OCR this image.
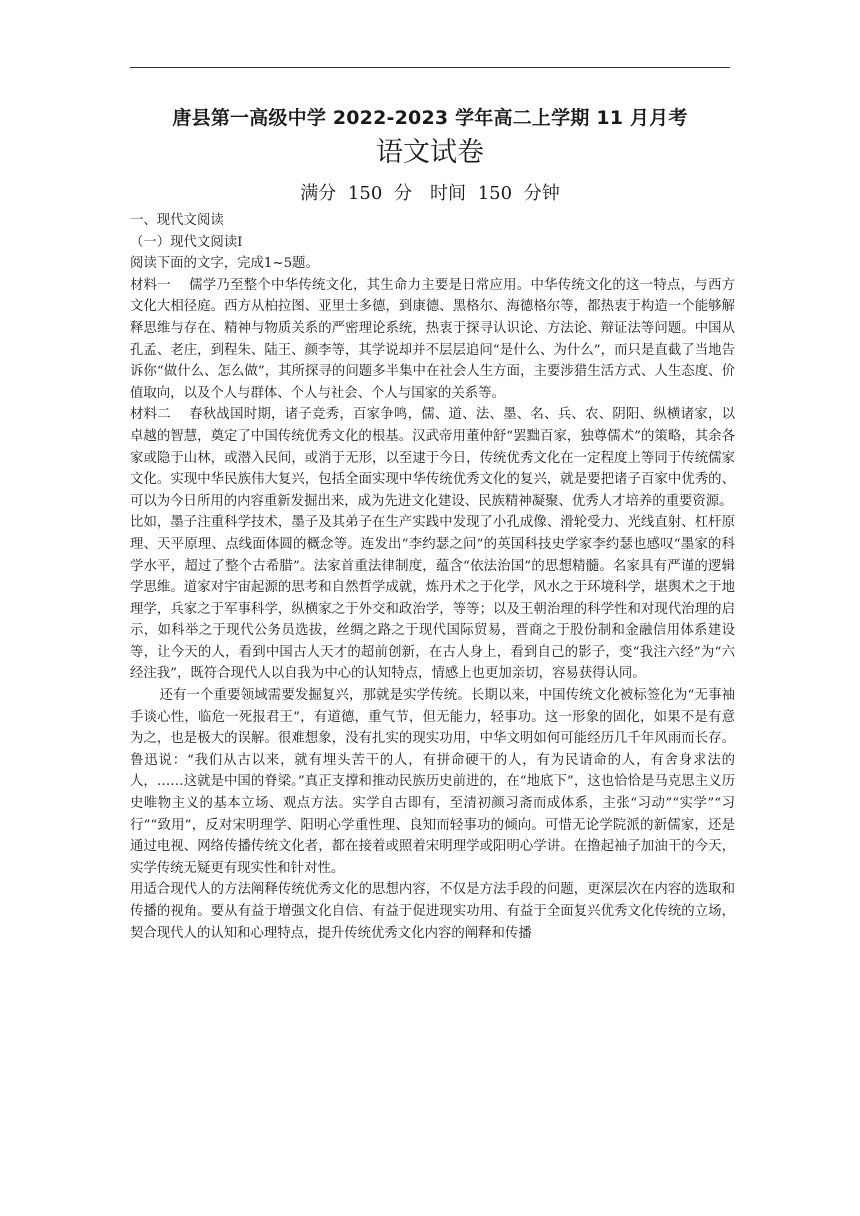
唐县第一高级中学 2022-2023 学年高二上学期 11 月月考
语文试卷
满分 150 分　时间 150 分钟

一、现代文阅读

（一）现代文阅读Ⅰ

阅读下面的文字，完成1~5题。

材料一　 儒学乃至整个中华传统文化，其生命力主要是日常应用。中华传统文化的这一特点，与西方文化大相径庭。西方从柏拉图、亚里士多德，到康德、黑格尔、海德格尔等，都热衷于构造一个能够解释思维与存在、精神与物质关系的严密理论系统，热衷于探寻认识论、方法论、辩证法等问题。中国从孔孟、老庄，到程朱、陆王、颜李等，其学说却并不层层追问“是什么、为什么”，而只是直截了当地告诉你“做什么、怎么做”，其所探寻的问题多半集中在社会人生方面，主要涉猎生活方式、人生态度、价值取向，以及个人与群体、个人与社会、个人与国家的关系等。

材料二　 春秋战国时期，诸子竞秀，百家争鸣，儒、道、法、墨、名、兵、农、阴阳、纵横诸家，以卓越的智慧，奠定了中国传统优秀文化的根基。汉武帝用董仲舒“罢黜百家，独尊儒术”的策略，其余各家或隐于山林，或潜入民间，或消于无形，以至逮于今日，传统优秀文化在一定程度上等同于传统儒家文化。实现中华民族伟大复兴，包括全面实现中华传统优秀文化的复兴，就是要把诸子百家中优秀的、可以为今日所用的内容重新发掘出来，成为先进文化建设、民族精神凝聚、优秀人才培养的重要资源。

比如，墨子注重科学技术，墨子及其弟子在生产实践中发现了小孔成像、滑轮受力、光线直射、杠杆原理、天平原理、点线面体圆的概念等。连发出“李约瑟之问”的英国科技史学家李约瑟也感叹“墨家的科学水平，超过了整个古希腊”。法家首重法律制度，蕴含“依法治国”的思想精髓。名家具有严谨的逻辑学思维。道家对宇宙起源的思考和自然哲学成就，炼丹术之于化学，风水之于环境科学，堪舆术之于地理学，兵家之于军事科学，纵横家之于外交和政治学，等等；以及王朝治理的科学性和对现代治理的启示，如科举之于现代公务员选拔，丝绸之路之于现代国际贸易，晋商之于股份制和金融信用体系建设等，让今天的人，看到中国古人天才的超前创新，在古人身上，看到自己的影子，变“我注六经”为“六经注我”，既符合现代人以自我为中心的认知特点，情感上也更加亲切，容易获得认同。

还有一个重要领域需要发掘复兴，那就是实学传统。长期以来，中国传统文化被标签化为“无事袖手谈心性，临危一死报君王”，有道德，重气节，但无能力，轻事功。这一形象的固化，如果不是有意为之，也是极大的误解。很难想象，没有扎实的现实功用，中华文明如何可能经历几千年风雨而长存。鲁迅说：“我们从古以来，就有埋头苦干的人，有拼命硬干的人，有为民请命的人，有舍身求法的人，……这就是中国的脊梁。”真正支撑和推动民族历史前进的，在“地底下”，这也恰恰是马克思主义历史唯物主义的基本立场、观点方法。实学自古即有，至清初颜习斋而成体系，主张“习动”“实学”“习行”“致用”，反对宋明理学、阳明心学重性理、良知而轻事功的倾向。可惜无论学院派的新儒家，还是通过电视、网络传播传统文化者，都在接着或照着宋明理学或阳明心学讲。在撸起袖子加油干的今天，实学传统无疑更有现实性和针对性。

用适合现代人的方法阐释传统优秀文化的思想内容，不仅是方法手段的问题，更深层次在内容的选取和传播的视角。要从有益于增强文化自信、有益于促进现实功用、有益于全面复兴优秀文化传统的立场，契合现代人的认知和心理特点，提升传统优秀文化内容的阐释和传播
